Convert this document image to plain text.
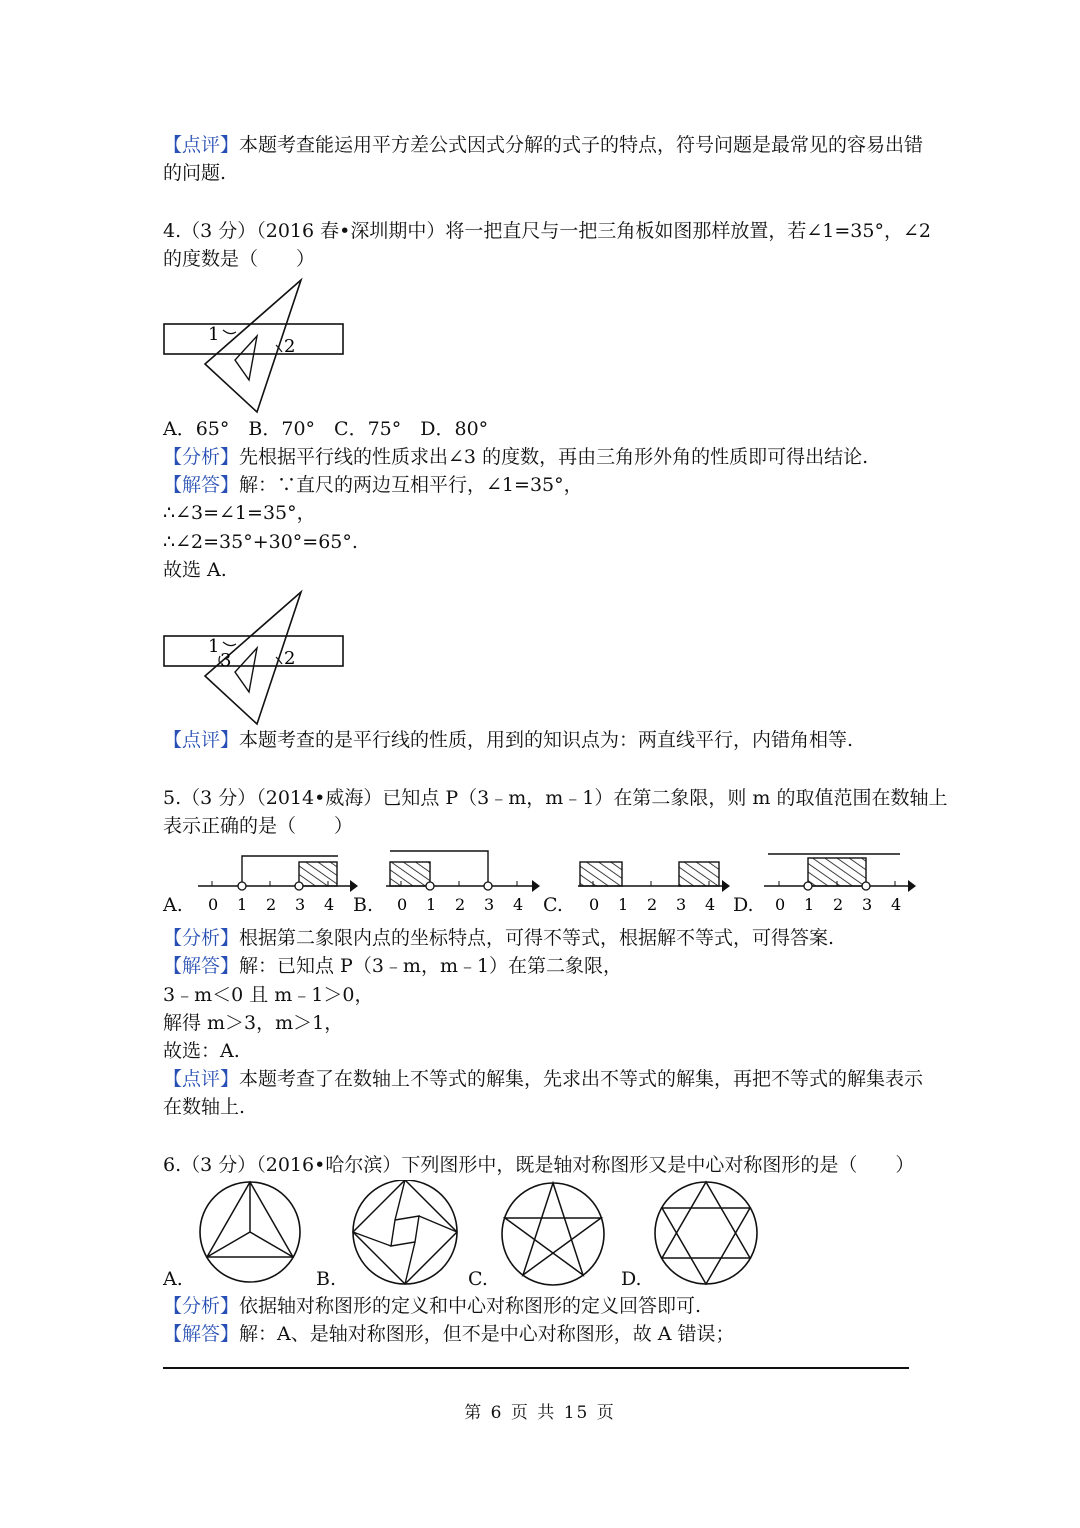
【点评】本题考查能运用平方差公式因式分解的式子的特点，符号问题是最常见的容易出错
的问题.
4.（3 分）（2016 春•深圳期中）将一把直尺与一把三角板如图那样放置，若∠1=35°，∠2
的度数是（　　）
1
2
A．65°　B．70°　C．75°　D．80°
【分析】先根据平行线的性质求出∠3 的度数，再由三角形外角的性质即可得出结论.
【解答】解：∵直尺的两边互相平行，∠1=35°，
∴∠3=∠1=35°，
∴∠2=35°+30°=65°.
故选 A.
1
3	2
【点评】本题考查的是平行线的性质，用到的知识点为：两直线平行，内错角相等.
5.（3 分）（2014•威海）已知点 P（3﹣m，m﹣1）在第二象限，则 m 的取值范围在数轴上
表示正确的是（　　）
0 1 2 3 4	0 1 2 3 4	0 1 2 3 4	0 1 2 3 4
A.	B.	C.	D.
【分析】根据第二象限内点的坐标特点，可得不等式，根据解不等式，可得答案.
【解答】解：已知点 P（3﹣m，m﹣1）在第二象限，
3﹣m＜0 且 m﹣1＞0，
解得 m＞3，m＞1，
故选：A.
【点评】本题考查了在数轴上不等式的解集，先求出不等式的解集，再把不等式的解集表示
在数轴上.
6.（3 分）（2016•哈尔滨）下列图形中，既是轴对称图形又是中心对称图形的是（　　）
A.	B.	C.	D.
【分析】依据轴对称图形的定义和中心对称图形的定义回答即可.
【解答】解：A、是轴对称图形，但不是中心对称图形，故 A 错误；
第 6 页 共 15 页
